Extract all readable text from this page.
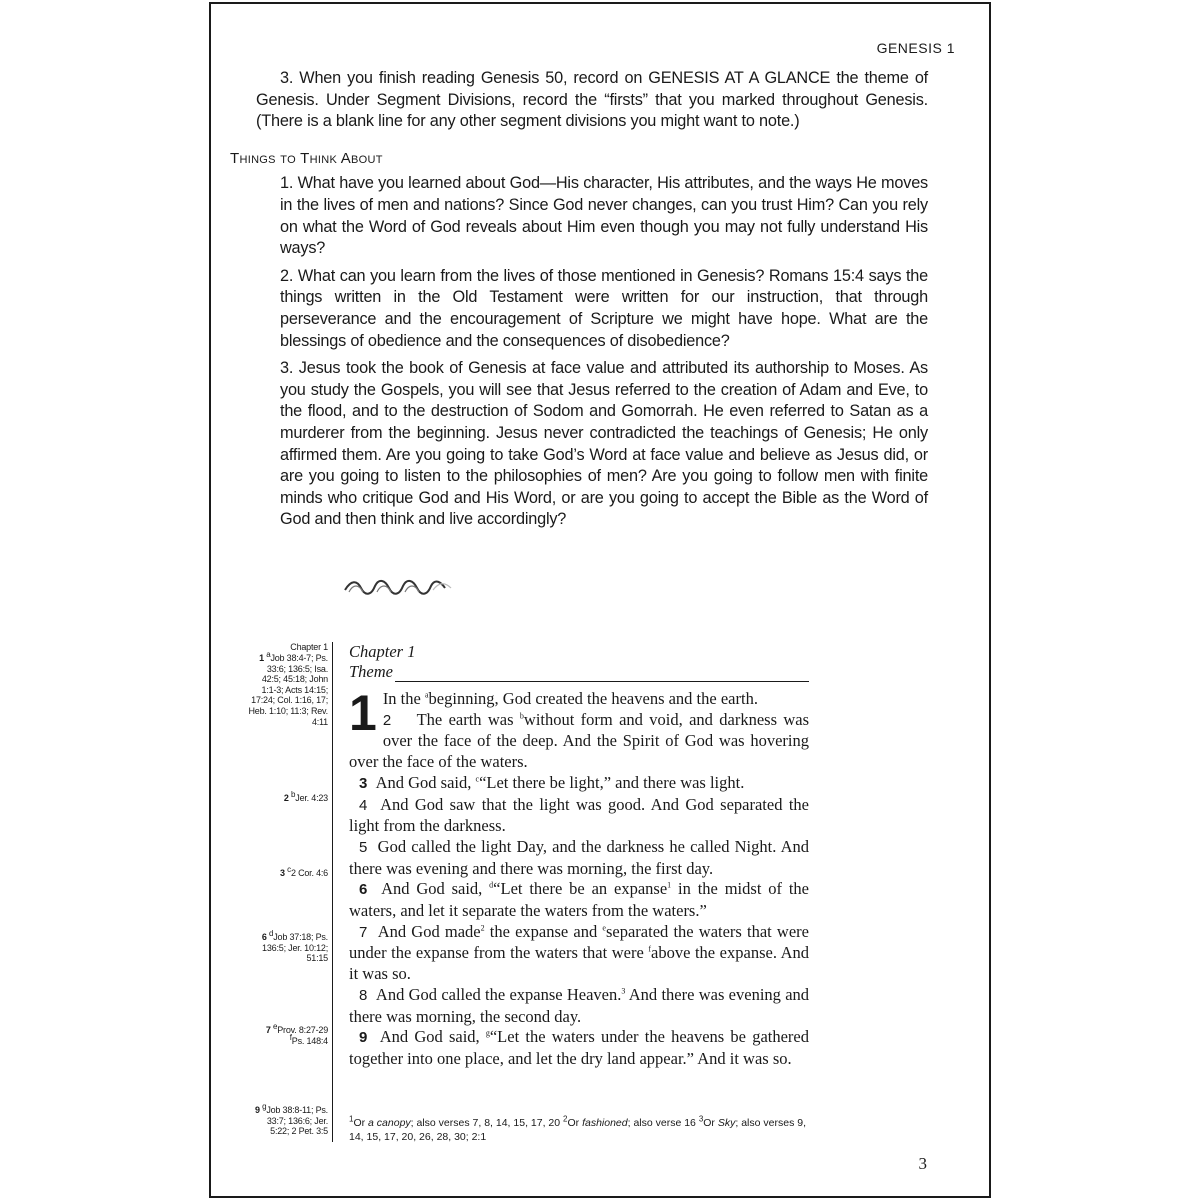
GENESIS 1

3. When you finish reading Genesis 50, record on GENESIS AT A GLANCE the theme of Genesis. Under Segment Divisions, record the “firsts” that you marked throughout Genesis. (There is a blank line for any other segment divisions you might want to note.)

Things to Think About

1. What have you learned about God—His character, His attributes, and the ways He moves in the lives of men and nations? Since God never changes, can you trust Him? Can you rely on what the Word of God reveals about Him even though you may not fully understand His ways?

2. What can you learn from the lives of those mentioned in Genesis? Romans 15:4 says the things written in the Old Testament were written for our instruction, that through perseverance and the encouragement of Scripture we might have hope. What are the blessings of obedience and the consequences of disobedience?

3. Jesus took the book of Genesis at face value and attributed its authorship to Moses. As you study the Gospels, you will see that Jesus referred to the creation of Adam and Eve, to the flood, and to the destruction of Sodom and Gomorrah. He even referred to Satan as a murderer from the beginning. Jesus never contradicted the teachings of Genesis; He only affirmed them. Are you going to take God’s Word at face value and believe as Jesus did, or are you going to listen to the philosophies of men? Are you going to follow men with finite minds who critique God and His Word, or are you going to accept the Bible as the Word of God and then think and live accordingly?

Chapter 1
1 $^a$Job 38:4-7; Ps. 33:6; 136:5; Isa. 42:5; 45:18; John 1:1-3; Acts 14:15; 17:24; Col. 1:16, 17; Heb. 1:10; 11:3; Rev. 4:11
2 $^b$Jer. 4:23
3 $^c$2 Cor. 4:6
6 $^d$Job 37:18; Ps. 136:5; Jer. 10:12; 51:15
7 $^e$Prov. 8:27-29
$^f$Ps. 148:4
9 $^g$Job 38:8-11; Ps. 33:7; 136:6; Jer. 5:22; 2 Pet. 3:5
Chapter 1
Theme
1 In the $^a$beginning, God created the heavens and the earth.
2 The earth was $^b$without form and void, and darkness was over the face of the deep. And the Spirit of God was hovering over the face of the waters.

3 And God said, $^c$“Let there be light,” and there was light.

4 And God saw that the light was good. And God separated the light from the darkness.

5 God called the light Day, and the darkness he called Night. And there was evening and there was morning, the first day.

6 And God said, $^d$“Let there be an expanse$^1$ in the midst of the waters, and let it separate the waters from the waters.”

7 And God made$^2$ the expanse and $^e$separated the waters that were under the expanse from the waters that were $^f$above the expanse. And it was so.

8 And God called the expanse Heaven.$^3$ And there was evening and there was morning, the second day.

9 And God said, $^g$“Let the waters under the heavens be gathered together into one place, and let the dry land appear.” And it was so.

$^1$Or a canopy; also verses 7, 8, 14, 15, 17, 20 $^2$Or fashioned; also verse 16 $^3$Or Sky; also verses 9, 14, 15, 17, 20, 26, 28, 30; 2:1
3
